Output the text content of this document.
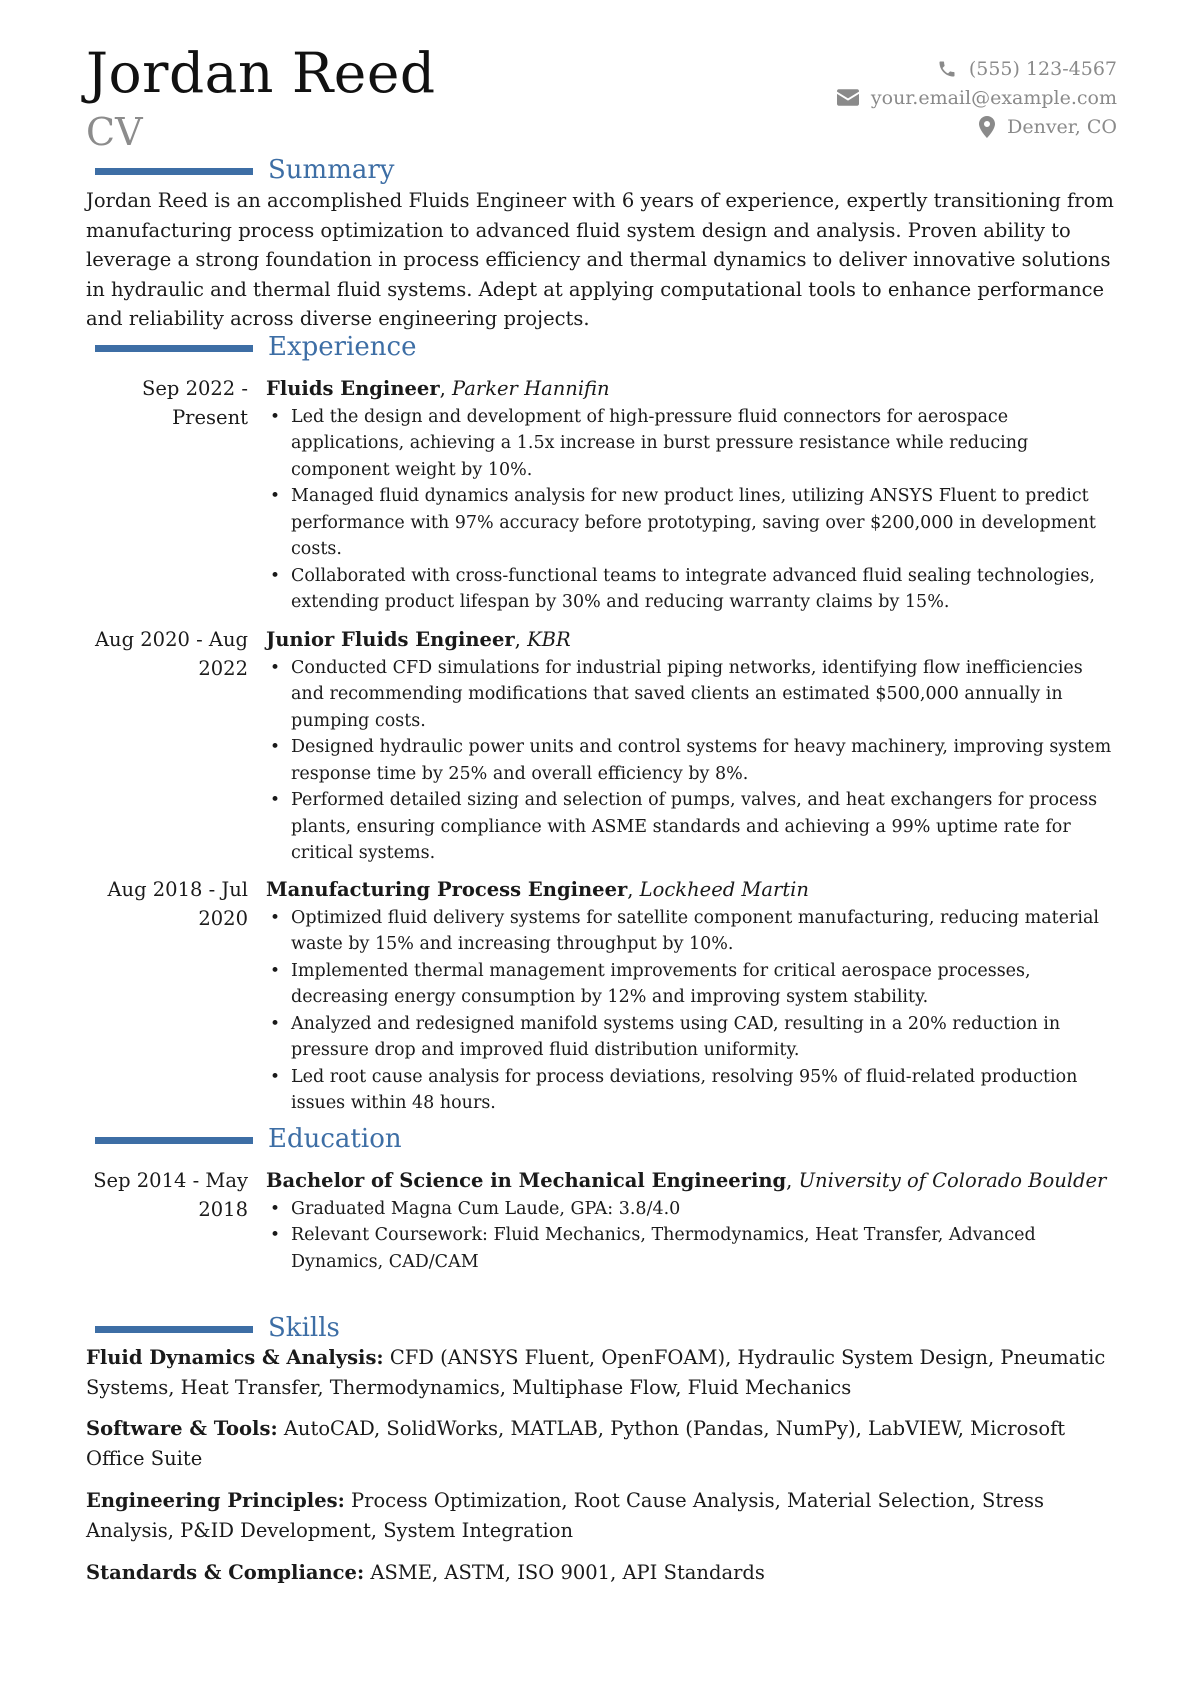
Jordan Reed
CV
(555) 123-4567
your.email@example.com
Denver, CO
Summary
Jordan Reed is an accomplished Fluids Engineer with 6 years of experience, expertly transitioning from manufacturing process optimization to advanced fluid system design and analysis. Proven ability to leverage a strong foundation in process efficiency and thermal dynamics to deliver innovative solutions in hydraulic and thermal fluid systems. Adept at applying computational tools to enhance performance and reliability across diverse engineering projects.
Experience
Sep 2022 - Present
Fluids Engineer, Parker Hannifin
• Led the design and development of high-pressure fluid connectors for aerospace applications, achieving a 1.5x increase in burst pressure resistance while reducing component weight by 10%.
• Managed fluid dynamics analysis for new product lines, utilizing ANSYS Fluent to predict performance with 97% accuracy before prototyping, saving over $200,000 in development costs.
• Collaborated with cross-functional teams to integrate advanced fluid sealing technologies, extending product lifespan by 30% and reducing warranty claims by 15%.
Aug 2020 - Aug 2022
Junior Fluids Engineer, KBR
• Conducted CFD simulations for industrial piping networks, identifying flow inefficiencies and recommending modifications that saved clients an estimated $500,000 annually in pumping costs.
• Designed hydraulic power units and control systems for heavy machinery, improving system response time by 25% and overall efficiency by 8%.
• Performed detailed sizing and selection of pumps, valves, and heat exchangers for process plants, ensuring compliance with ASME standards and achieving a 99% uptime rate for critical systems.
Aug 2018 - Jul 2020
Manufacturing Process Engineer, Lockheed Martin
• Optimized fluid delivery systems for satellite component manufacturing, reducing material waste by 15% and increasing throughput by 10%.
• Implemented thermal management improvements for critical aerospace processes, decreasing energy consumption by 12% and improving system stability.
• Analyzed and redesigned manifold systems using CAD, resulting in a 20% reduction in pressure drop and improved fluid distribution uniformity.
• Led root cause analysis for process deviations, resolving 95% of fluid-related production issues within 48 hours.
Education
Sep 2014 - May 2018
Bachelor of Science in Mechanical Engineering, University of Colorado Boulder
• Graduated Magna Cum Laude, GPA: 3.8/4.0
• Relevant Coursework: Fluid Mechanics, Thermodynamics, Heat Transfer, Advanced Dynamics, CAD/CAM
Skills
Fluid Dynamics & Analysis: CFD (ANSYS Fluent, OpenFOAM), Hydraulic System Design, Pneumatic Systems, Heat Transfer, Thermodynamics, Multiphase Flow, Fluid Mechanics
Software & Tools: AutoCAD, SolidWorks, MATLAB, Python (Pandas, NumPy), LabVIEW, Microsoft Office Suite
Engineering Principles: Process Optimization, Root Cause Analysis, Material Selection, Stress Analysis, P&ID Development, System Integration
Standards & Compliance: ASME, ASTM, ISO 9001, API Standards
